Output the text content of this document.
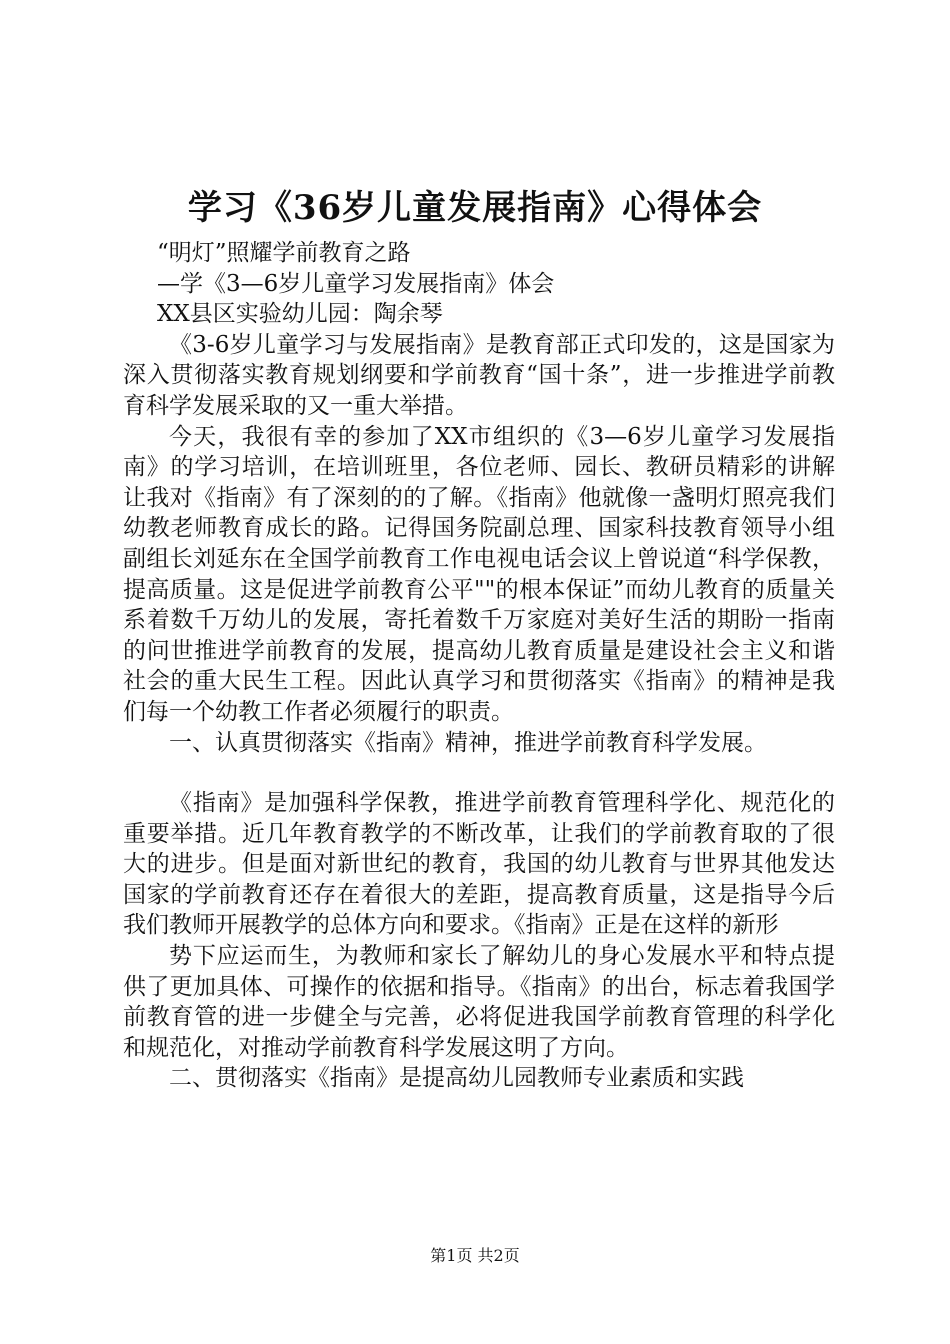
学习《36岁儿童发展指南》心得体会

“明灯”照耀学前教育之路

—学《3—6岁儿童学习发展指南》体会

XX县区实验幼儿园：陶余琴

《3-6岁儿童学习与发展指南》是教育部正式印发的，这是国家为深入贯彻落实教育规划纲要和学前教育“国十条”，进一步推进学前教育科学发展采取的又一重大举措。

今天，我很有幸的参加了XX市组织的《3—6岁儿童学习发展指南》的学习培训，在培训班里，各位老师、园长、教研员精彩的讲解让我对《指南》有了深刻的的了解。《指南》他就像一盏明灯照亮我们幼教老师教育成长的路。记得国务院副总理、国家科技教育领导小组副组长刘延东在全国学前教育工作电视电话会议上曾说道“科学保教，提高质量。这是促进学前教育公平""的根本保证”而幼儿教育的质量关系着数千万幼儿的发展，寄托着数千万家庭对美好生活的期盼一指南的问世推进学前教育的发展，提高幼儿教育质量是建设社会主义和谐社会的重大民生工程。因此认真学习和贯彻落实《指南》的精神是我们每一个幼教工作者必须履行的职责。

一、认真贯彻落实《指南》精神，推进学前教育科学发展。

《指南》是加强科学保教，推进学前教育管理科学化、规范化的重要举措。近几年教育教学的不断改革，让我们的学前教育取的了很大的进步。但是面对新世纪的教育，我国的幼儿教育与世界其他发达国家的学前教育还存在着很大的差距，提高教育质量，这是指导今后我们教师开展教学的总体方向和要求。《指南》正是在这样的新形

势下应运而生，为教师和家长了解幼儿的身心发展水平和特点提供了更加具体、可操作的依据和指导。《指南》的出台，标志着我国学前教育管的进一步健全与完善，必将促进我国学前教育管理的科学化和规范化，对推动学前教育科学发展这明了方向。

二、贯彻落实《指南》是提高幼儿园教师专业素质和实践

第1页 共2页
